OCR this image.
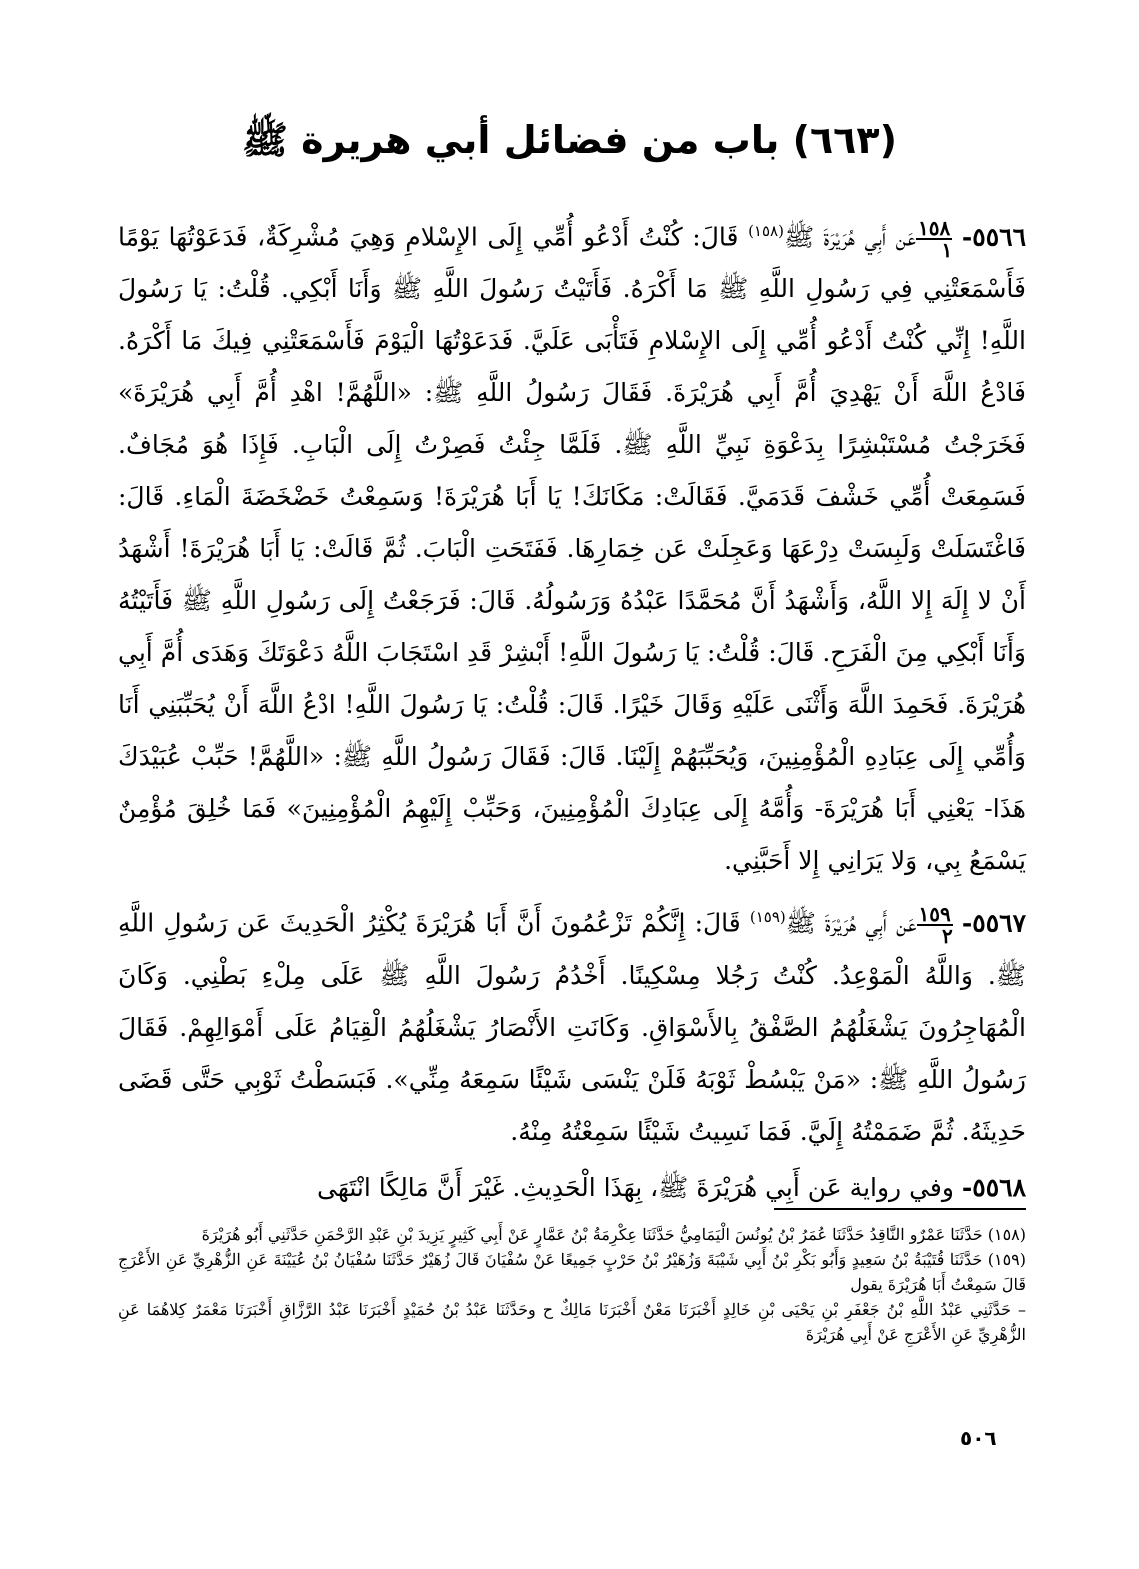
(٦٦٣) باب من فضائل أبي هريرة ﷺ

٥٥٦٦-
$\frac{١٥٨}{١}$
عَن أَبِي هُرَيْرَةَ ﷺ$^{(١٥٨)}$ قَالَ: كُنْتُ أَدْعُو أُمِّي إِلَى الإِسْلامِ وَهِيَ مُشْرِكَةٌ، فَدَعَوْتُهَا يَوْمًا فَأَسْمَعَتْنِي فِي رَسُولِ اللَّهِ ﷺ مَا أَكْرَهُ. فَأَتَيْتُ رَسُولَ اللَّهِ ﷺ وَأَنَا أَبْكِي. قُلْتُ: يَا رَسُولَ اللَّهِ! إِنِّي كُنْتُ أَدْعُو أُمِّي إِلَى الإِسْلامِ فَتَأْبَى عَلَيَّ. فَدَعَوْتُهَا الْيَوْمَ فَأَسْمَعَتْنِي فِيكَ مَا أَكْرَهُ. فَادْعُ اللَّهَ أَنْ يَهْدِيَ أُمَّ أَبِي هُرَيْرَةَ. فَقَالَ رَسُولُ اللَّهِ ﷺ: «اللَّهُمَّ! اهْدِ أُمَّ أَبِي هُرَيْرَةَ» فَخَرَجْتُ مُسْتَبْشِرًا بِدَعْوَةِ نَبِيِّ اللَّهِ ﷺ. فَلَمَّا جِئْتُ فَصِرْتُ إِلَى الْبَابِ. فَإِذَا هُوَ مُجَافٌ. فَسَمِعَتْ أُمِّي خَشْفَ قَدَمَيَّ. فَقَالَتْ: مَكَانَكَ! يَا أَبَا هُرَيْرَةَ! وَسَمِعْتُ خَضْخَضَةَ الْمَاءِ. قَالَ: فَاغْتَسَلَتْ وَلَبِسَتْ دِرْعَهَا وَعَجِلَتْ عَن خِمَارِهَا. فَفَتَحَتِ الْبَابَ. ثُمَّ قَالَتْ: يَا أَبَا هُرَيْرَةَ! أَشْهَدُ أَنْ لا إِلَهَ إِلا اللَّهُ، وَأَشْهَدُ أَنَّ مُحَمَّدًا عَبْدُهُ وَرَسُولُهُ. قَالَ: فَرَجَعْتُ إِلَى رَسُولِ اللَّهِ ﷺ فَأَتَيْتُهُ وَأَنَا أَبْكِي مِنَ الْفَرَحِ. قَالَ: قُلْتُ: يَا رَسُولَ اللَّهِ! أَبْشِرْ قَدِ اسْتَجَابَ اللَّهُ دَعْوَتَكَ وَهَدَى أُمَّ أَبِي هُرَيْرَةَ. فَحَمِدَ اللَّهَ وَأَثْنَى عَلَيْهِ وَقَالَ خَيْرًا. قَالَ: قُلْتُ: يَا رَسُولَ اللَّهِ! ادْعُ اللَّهَ أَنْ يُحَبِّبَنِي أَنَا وَأُمِّي إِلَى عِبَادِهِ الْمُؤْمِنِينَ، وَيُحَبِّبَهُمْ إِلَيْنَا. قَالَ: فَقَالَ رَسُولُ اللَّهِ ﷺ: «اللَّهُمَّ! حَبِّبْ عُبَيْدَكَ هَذَا- يَعْنِي أَبَا هُرَيْرَةَ- وَأُمَّهُ إِلَى عِبَادِكَ الْمُؤْمِنِينَ، وَحَبِّبْ إِلَيْهِمُ الْمُؤْمِنِينَ» فَمَا خُلِقَ مُؤْمِنٌ يَسْمَعُ بِي، وَلا يَرَانِي إِلا أَحَبَّنِي.

٥٥٦٧-
$\frac{١٥٩}{٢}$
عَن أَبِي هُرَيْرَةَ ﷺ$^{(١٥٩)}$ قَالَ: إِنَّكُمْ تَزْعُمُونَ أَنَّ أَبَا هُرَيْرَةَ يُكْثِرُ الْحَدِيثَ عَن رَسُولِ اللَّهِ ﷺ. وَاللَّهُ الْمَوْعِدُ. كُنْتُ رَجُلا مِسْكِينًا. أَخْدُمُ رَسُولَ اللَّهِ ﷺ عَلَى مِلْءِ بَطْنِي. وَكَانَ الْمُهَاجِرُونَ يَشْغَلُهُمُ الصَّفْقُ بِالأَسْوَاقِ. وَكَانَتِ الأَنْصَارُ يَشْغَلُهُمُ الْقِيَامُ عَلَى أَمْوَالِهِمْ. فَقَالَ رَسُولُ اللَّهِ ﷺ: «مَنْ يَبْسُطْ ثَوْبَهُ فَلَنْ يَنْسَى شَيْئًا سَمِعَهُ مِنِّي». فَبَسَطْتُ ثَوْبِي حَتَّى قَضَى حَدِيثَهُ. ثُمَّ ضَمَمْتُهُ إِلَيَّ. فَمَا نَسِيتُ شَيْئًا سَمِعْتُهُ مِنْهُ.

٥٥٦٨- وفي رواية عَن أَبِي هُرَيْرَةَ ﷺ، بِهَذَا الْحَدِيثِ. غَيْرَ أَنَّ مَالِكًا انْتَهَى

(١٥٨) حَدَّثَنَا عَمْرٌو النَّاقِدُ حَدَّثَنَا عُمَرُ بْنُ يُونُسَ الْيَمَامِيُّ حَدَّثَنَا عِكْرِمَةُ بْنُ عَمَّارٍ عَنْ أَبِي كَثِيرٍ يَزِيدَ بْنِ عَبْدِ الرَّحْمَنِ حَدَّثَنِي أَبُو هُرَيْرَةَ

(١٥٩) حَدَّثَنَا قُتَيْبَةُ بْنُ سَعِيدٍ وَأَبُو بَكْرِ بْنُ أَبِي شَيْبَةَ وَزُهَيْرُ بْنُ حَرْبٍ جَمِيعًا عَنْ سُفْيَانَ قَالَ زُهَيْرٌ حَدَّثَنَا سُفْيَانُ بْنُ عُيَيْنَةَ عَنِ الزُّهْرِيِّ عَنِ الأَعْرَجِ قَالَ سَمِعْتُ أَبَا هُرَيْرَةَ يقول

– حَدَّثَنِي عَبْدُ اللَّهِ بْنُ جَعْفَرِ بْنِ يَحْيَى بْنِ خَالِدٍ أَخْبَرَنَا مَعْنٌ أَخْبَرَنَا مَالِكٌ ح وحَدَّثَنَا عَبْدُ بْنُ حُمَيْدٍ أَخْبَرَنَا عَبْدُ الرَّزَّاقِ أَخْبَرَنَا مَعْمَرٌ كِلاهُمَا عَنِ الزُّهْرِيِّ عَنِ الأَعْرَجِ عَنْ أَبِي هُرَيْرَةَ

٥٠٦
